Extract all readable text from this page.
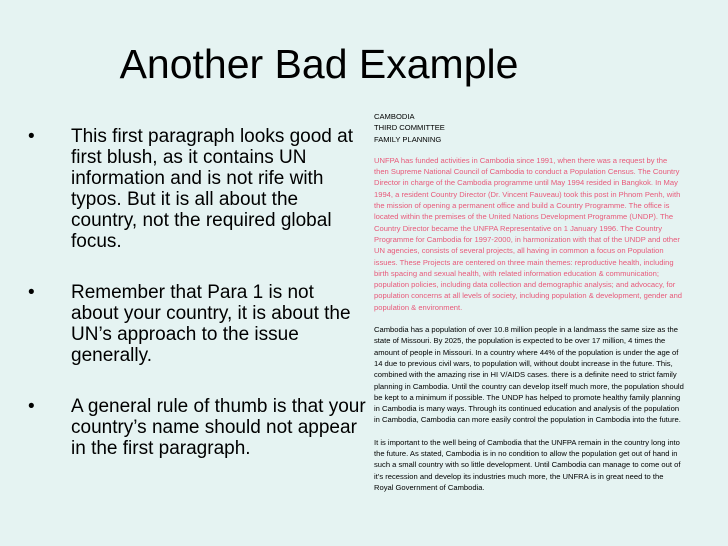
Another Bad Example
• This first paragraph looks good at first blush, as it contains UN information and is not rife with typos. But it is all about the country, not the required global focus.
• Remember that Para 1 is not about your country, it is about the UN’s approach to the issue generally.
• A general rule of thumb is that your country’s name should not appear in the first paragraph.

CAMBODIA

THIRD COMMITTEE

FAMILY PLANNING

UNFPA has funded activities in Cambodia since 1991, when there was a request by the then Supreme National Council of Cambodia to conduct a Population Census. The Country Director in charge of the Cambodia programme until May 1994 resided in Bangkok. In May 1994, a resident Country Director (Dr. Vincent Fauveau) took this post in Phnom Penh, with the mission of opening a permanent office and build a Country Programme. The office is located within the premises of the United Nations Development Programme (UNDP). The Country Director became the UNFPA Representative on 1 January 1996. The Country Programme for Cambodia for 1997-2000, in harmonization with that of the UNDP and other UN agencies, consists of several projects, all having in common a focus on Population issues. These Projects are centered on three main themes: reproductive health, including birth spacing and sexual health, with related information education & communication; population policies, including data collection and demographic analysis; and advocacy, for population concerns at all levels of society, including population & development, gender and population & environment.

Cambodia has a population of over 10.8 million people in a landmass the same size as the state of Missouri. By 2025, the population is expected to be over 17 million, 4 times the amount of people in Missouri. In a country where 44% of the population is under the age of 14 due to previous civil wars, to population will, without doubt increase in the future. This, combined with the amazing rise in HI V/AIDS cases. there is a definite need to strict family planning in Cambodia. Until the country can develop itself much more, the population should be kept to a minimum if possible. The UNDP has helped to promote healthy family planning in Cambodia is many ways. Through its continued education and analysis of the population in Cambodia, Cambodia can more easily control the population in Cambodia into the future.

It is important to the well being of Cambodia that the UNFPA remain in the country long into the future. As stated, Cambodia is in no condition to allow the population get out of hand in such a small country with so little development. Until Cambodia can manage to come out of it’s recession and develop its industries much more, the UNFRA is in great need to the Royal Government of Cambodia.
